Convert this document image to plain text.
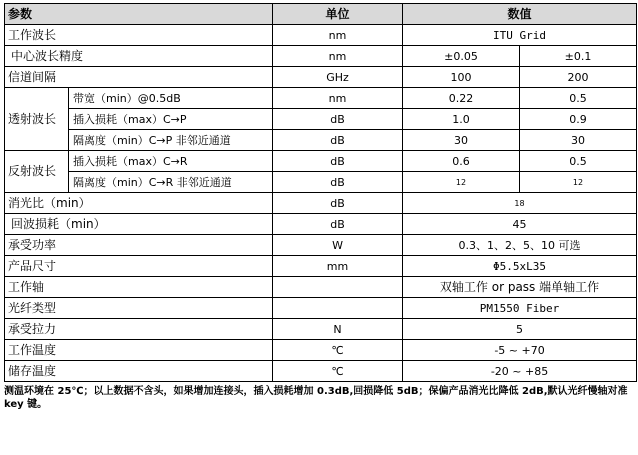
参数		单位	数值	
工作波长		nm	ITU Grid	
中心波长精度		nm	±0.05	±0.1
信道间隔		GHz	100	200
透射波长	带宽（min）@0.5dB	nm	0.22	0.5
	插入损耗（max）C→P	dB	1.0	0.9
	隔离度（min）C→P 非邻近通道	dB	30	30
反射波长	插入损耗（max）C→R	dB	0.6	0.5
	隔离度（min）C→R 非邻近通道	dB	12	12
消光比（min）		dB	18	
回波损耗（min）		dB	45	
承受功率		W	0.3、1、2、5、10 可选	
产品尺寸		mm	Φ5.5xL35	
工作轴			双轴工作 or pass 端单轴工作	
光纤类型			PM1550 Fiber	
承受拉力		N	5	
工作温度		℃	-5 ~ +70	
储存温度		℃	-20 ~ +85	
测温环境在 25℃；以上数据不含头，如果增加连接头，插入损耗增加 0.3dB,回损降低 5dB；保偏产品消光比降低 2dB,默认光纤慢轴对准 key 键。
